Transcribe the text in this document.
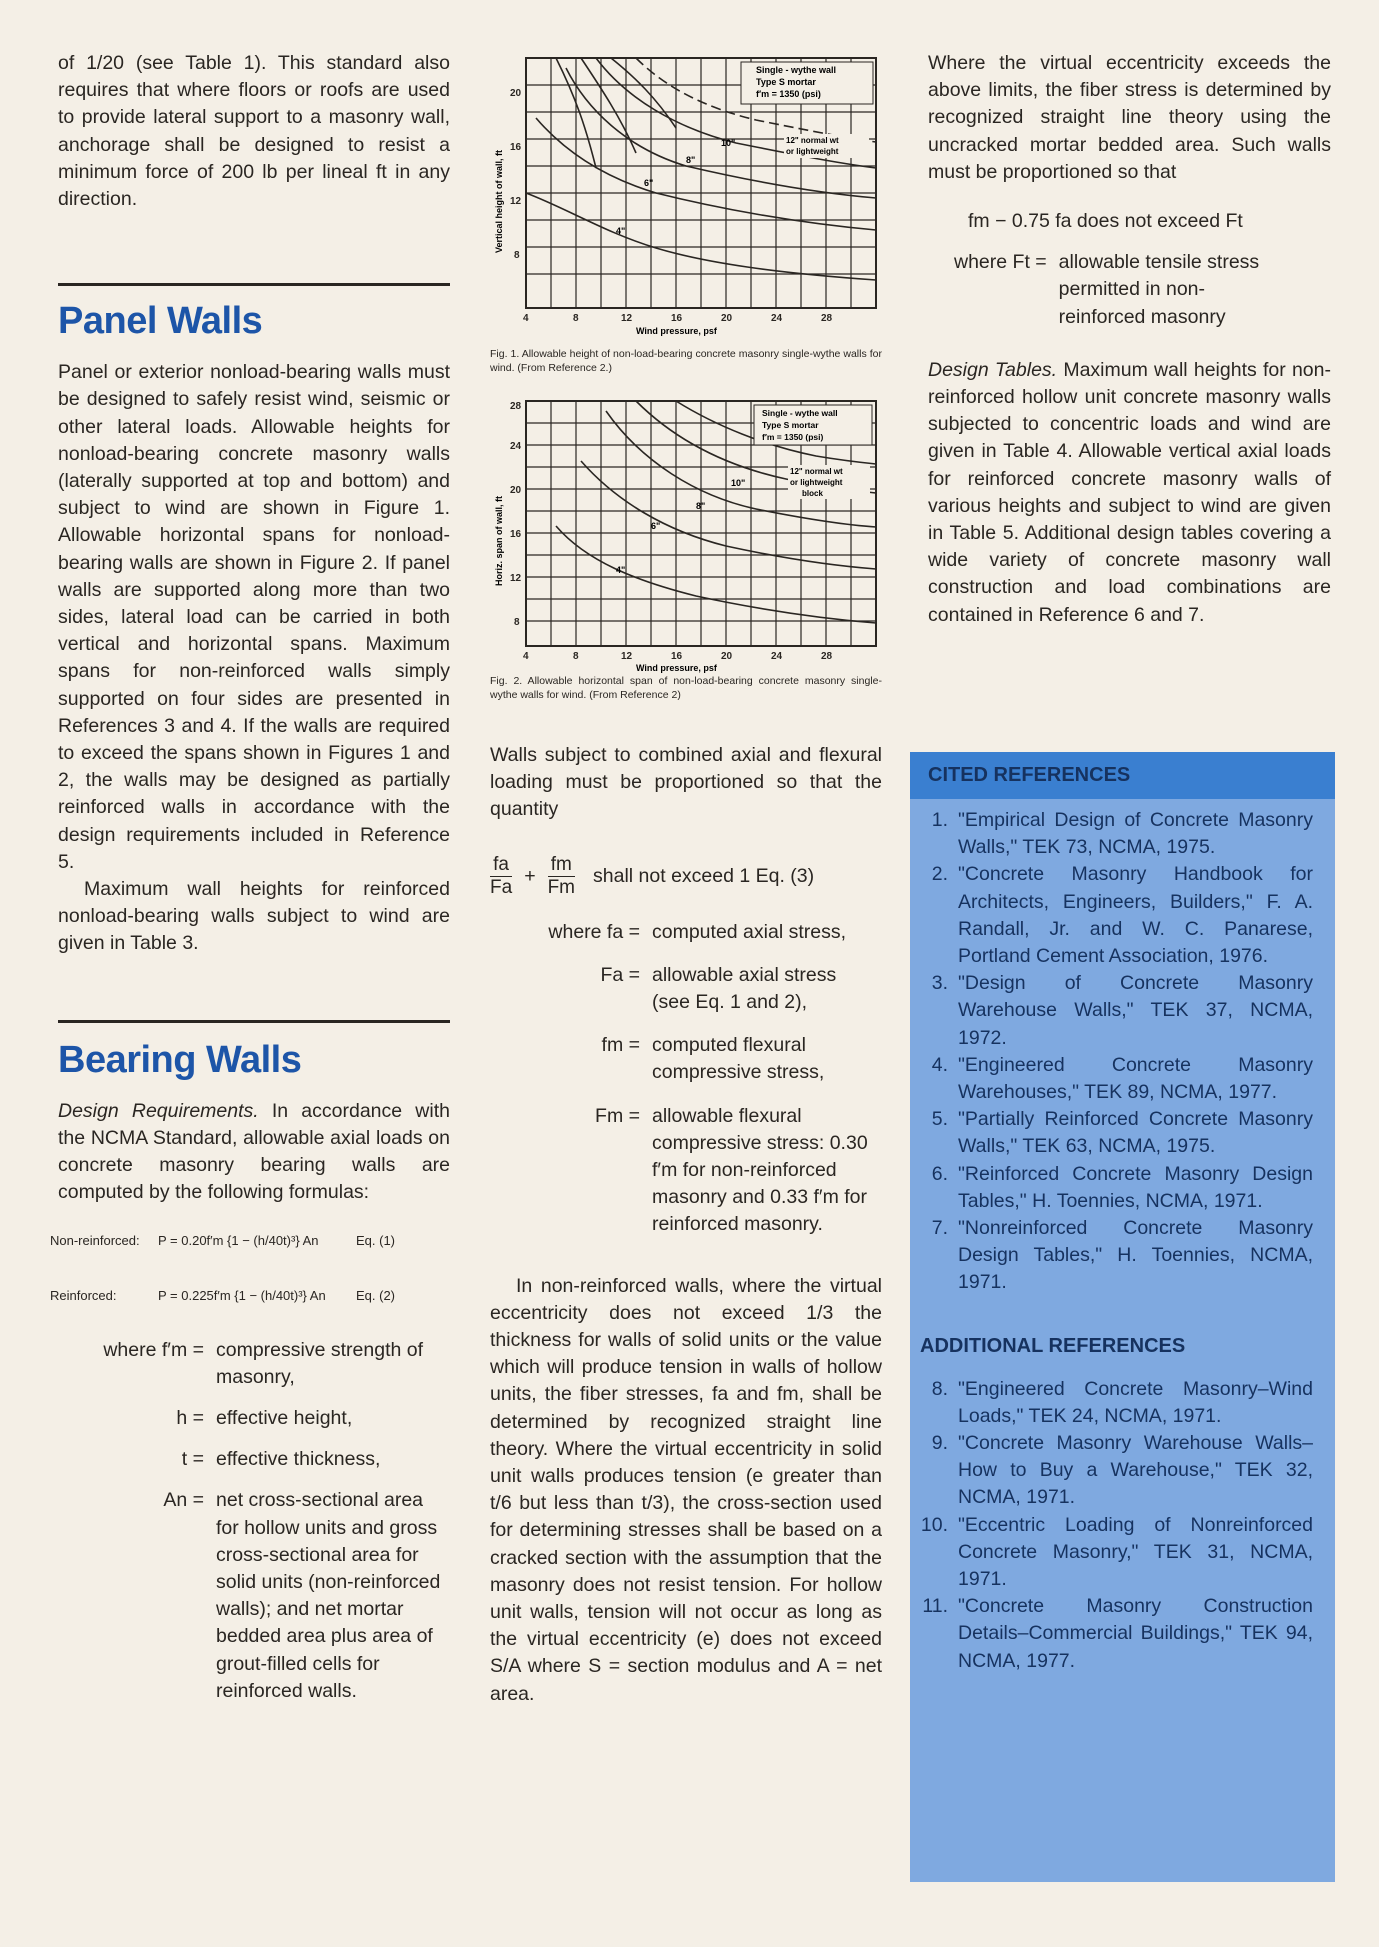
of 1/20 (see Table 1). This standard also requires that where floors or roofs are used to provide lateral support to a masonry wall, anchorage shall be designed to resist a minimum force of 200 lb per lineal ft in any direction.

Panel Walls

Panel or exterior nonload-bearing walls must be designed to safely resist wind, seismic or other lateral loads. Allowable heights for nonload-bearing concrete masonry walls (laterally supported at top and bottom) and subject to wind are shown in Figure 1. Allowable horizontal spans for nonload-bearing walls are shown in Figure 2. If panel walls are supported along more than two sides, lateral load can be carried in both vertical and horizontal spans. Maximum spans for non-reinforced walls simply supported on four sides are presented in References 3 and 4. If the walls are required to exceed the spans shown in Figures 1 and 2, the walls may be designed as partially reinforced walls in accordance with the design requirements included in Reference 5.

Maximum wall heights for reinforced nonload-bearing walls subject to wind are given in Table 3.

Bearing Walls

Design Requirements. In accordance with the NCMA Standard, allowable axial loads on concrete masonry bearing walls are computed by the following formulas:

Non-reinforced:	P = 0.20f′m {1 − (h/40t)³} An	Eq. (1)
Reinforced:	P = 0.225f′m {1 − (h/40t)³} An	Eq. (2)
where f′m =	compressive strength of masonry,
h =	effective height,
t =	effective thickness,
An =	net cross-sectional area for hollow units and gross cross-sectional area for solid units (non-reinforced walls); and net mortar bedded area plus area of grout-filled cells for reinforced walls.
Single - wythe wall
Type S mortar
f′m = 1350 (psi)
12" normal wt
or lightweight
4"
6"
8"
10"
20
16
12
8
4	8	12	16	20	24	28
Wind pressure, psf
Vertical height of wall, ft

Fig. 1. Allowable height of non-load-bearing concrete masonry single-wythe walls for wind. (From Reference 2.)

Single - wythe wall
Type S mortar
f′m = 1350 (psi)
12" normal wt
or lightweight
block
4"
6"
8"
10"
28
24
20
16
12
8
4	8	12	16	20	24	28
Wind pressure, psf
Horiz. span of wall, ft

Fig. 2. Allowable horizontal span of non-load-bearing concrete masonry single-wythe walls for wind. (From Reference 2)

Walls subject to combined axial and flexural loading must be proportioned so that the quantity

$\frac{fa}{Fa} + \frac{fm}{Fm}$ shall not exceed 1 Eq. (3)
where fa =	computed axial stress,
Fa =	allowable axial stress (see Eq. 1 and 2),
fm =	computed flexural compressive stress,
Fm =	allowable flexural compressive stress: 0.30 f′m for non-reinforced masonry and 0.33 f′m for reinforced masonry.

In non-reinforced walls, where the virtual eccentricity does not exceed 1/3 the thickness for walls of solid units or the value which will produce tension in walls of hollow units, the fiber stresses, fa and fm, shall be determined by recognized straight line theory. Where the virtual eccentricity in solid unit walls produces tension (e greater than t/6 but less than t/3), the cross-section used for determining stresses shall be based on a cracked section with the assumption that the masonry does not resist tension. For hollow unit walls, tension will not occur as long as the virtual eccentricity (e) does not exceed S/A where S = section modulus and A = net area.

Where the virtual eccentricity exceeds the above limits, the fiber stress is determined by recognized straight line theory using the uncracked mortar bedded area. Such walls must be proportioned so that

fm − 0.75 fa does not exceed Ft

where Ft =	allowable tensile stress permitted in non-reinforced masonry

Design Tables. Maximum wall heights for non-reinforced hollow unit concrete masonry walls subjected to concentric loads and wind are given in Table 4. Allowable vertical axial loads for reinforced concrete masonry walls of various heights and subject to wind are given in Table 5. Additional design tables covering a wide variety of concrete masonry wall construction and load combinations are contained in Reference 6 and 7.

CITED REFERENCES
1. "Empirical Design of Concrete Masonry Walls," TEK 73, NCMA, 1975.
2. "Concrete Masonry Handbook for Architects, Engineers, Builders," F. A. Randall, Jr. and W. C. Panarese, Portland Cement Association, 1976.
3. "Design of Concrete Masonry Warehouse Walls," TEK 37, NCMA, 1972.
4. "Engineered Concrete Masonry Warehouses," TEK 89, NCMA, 1977.
5. "Partially Reinforced Concrete Masonry Walls," TEK 63, NCMA, 1975.
6. "Reinforced Concrete Masonry Design Tables," H. Toennies, NCMA, 1971.
7. "Nonreinforced Concrete Masonry Design Tables," H. Toennies, NCMA, 1971.
ADDITIONAL REFERENCES
8. "Engineered Concrete Masonry–Wind Loads," TEK 24, NCMA, 1971.
9. "Concrete Masonry Warehouse Walls–How to Buy a Warehouse," TEK 32, NCMA, 1971.
10. "Eccentric Loading of Nonreinforced Concrete Masonry," TEK 31, NCMA, 1971.
11. "Concrete Masonry Construction Details–Commercial Buildings," TEK 94, NCMA, 1977.
